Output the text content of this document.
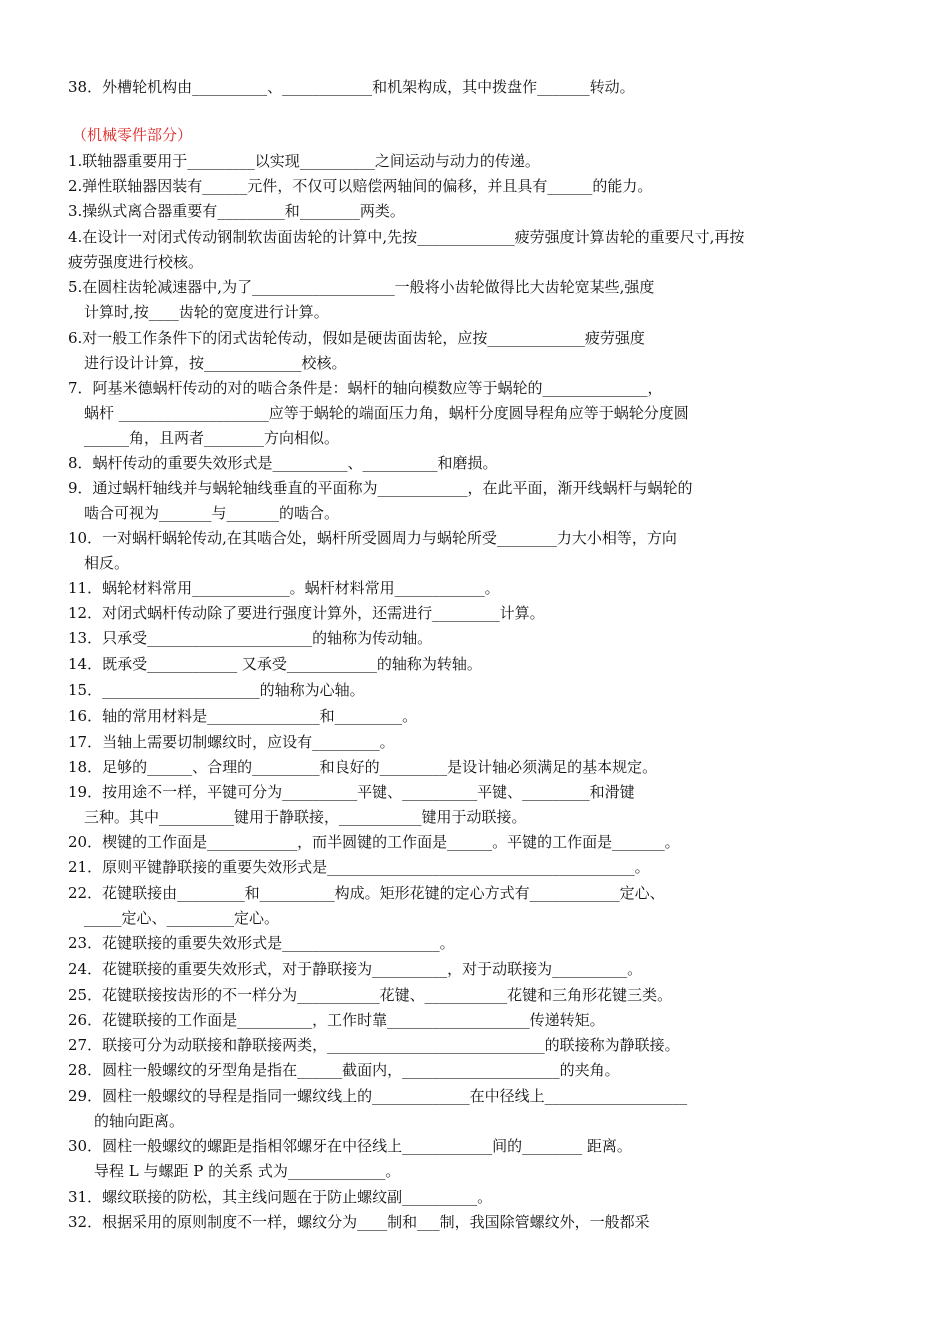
38．外槽轮机构由__________、____________和机架构成，其中拨盘作_______转动。
（机械零件部分）
1.联轴器重要用于_________以实现__________之间运动与动力的传递。
2.弹性联轴器因装有______元件，不仅可以赔偿两轴间的偏移，并且具有______的能力。
3.操纵式离合器重要有_________和________两类。
4.在设计一对闭式传动钢制软齿面齿轮的计算中,先按_____________疲劳强度计算齿轮的重要尺寸,再按
疲劳强度进行校核。
5.在圆柱齿轮减速器中,为了___________________一般将小齿轮做得比大齿轮宽某些,强度
计算时,按____齿轮的宽度进行计算。
6.对一般工作条件下的闭式齿轮传动，假如是硬齿面齿轮，应按_____________疲劳强度
进行设计计算，按_____________校核。
7．阿基米德蜗杆传动的对的啮合条件是：蜗杆的轴向模数应等于蜗轮的______________，
蜗杆 ____________________应等于蜗轮的端面压力角，蜗杆分度圆导程角应等于蜗轮分度圆
______角，且两者________方向相似。
8．蜗杆传动的重要失效形式是__________、__________和磨损。
9．通过蜗杆轴线并与蜗轮轴线垂直的平面称为____________，在此平面，渐开线蜗杆与蜗轮的
啮合可视为_______与_______的啮合。
10．一对蜗杆蜗轮传动,在其啮合处，蜗杆所受圆周力与蜗轮所受________力大小相等，方向
相反。
11．蜗轮材料常用_____________。蜗杆材料常用____________。
12．对闭式蜗杆传动除了要进行强度计算外，还需进行_________计算。
13．只承受______________________的轴称为传动轴。
14．既承受____________ 又承受____________的轴称为转轴。
15．_____________________的轴称为心轴。
16．轴的常用材料是_______________和_________。
17．当轴上需要切制螺纹时，应设有_________。
18．足够的______、合理的_________和良好的_________是设计轴必须满足的基本规定。
19．按用途不一样，平键可分为__________平键、__________平键、_________和滑键
三种。其中__________键用于静联接，___________键用于动联接。
20．楔键的工作面是____________，而半圆键的工作面是______。平键的工作面是_______。
21．原则平键静联接的重要失效形式是_________________________________________。
22．花键联接由_________和__________构成。矩形花键的定心方式有____________定心、
_____定心、_________定心。
23．花键联接的重要失效形式是_____________________。
24．花键联接的重要失效形式，对于静联接为__________，对于动联接为__________。
25．花键联接按齿形的不一样分为___________花键、___________花键和三角形花键三类。
26．花键联接的工作面是__________，工作时靠___________________传递转矩。
27．联接可分为动联接和静联接两类，_____________________________的联接称为静联接。
28．圆柱一般螺纹的牙型角是指在______截面内，_____________________的夹角。
29．圆柱一般螺纹的导程是指同一螺纹线上的_____________在中径线上___________________
的轴向距离。
30．圆柱一般螺纹的螺距是指相邻螺牙在中径线上____________间的________ 距离。
导程 L 与螺距 P 的关系 式为_____________。
31．螺纹联接的防松，其主线问题在于防止螺纹副__________。
32．根据采用的原则制度不一样，螺纹分为____制和___制，我国除管螺纹外，一般都采
